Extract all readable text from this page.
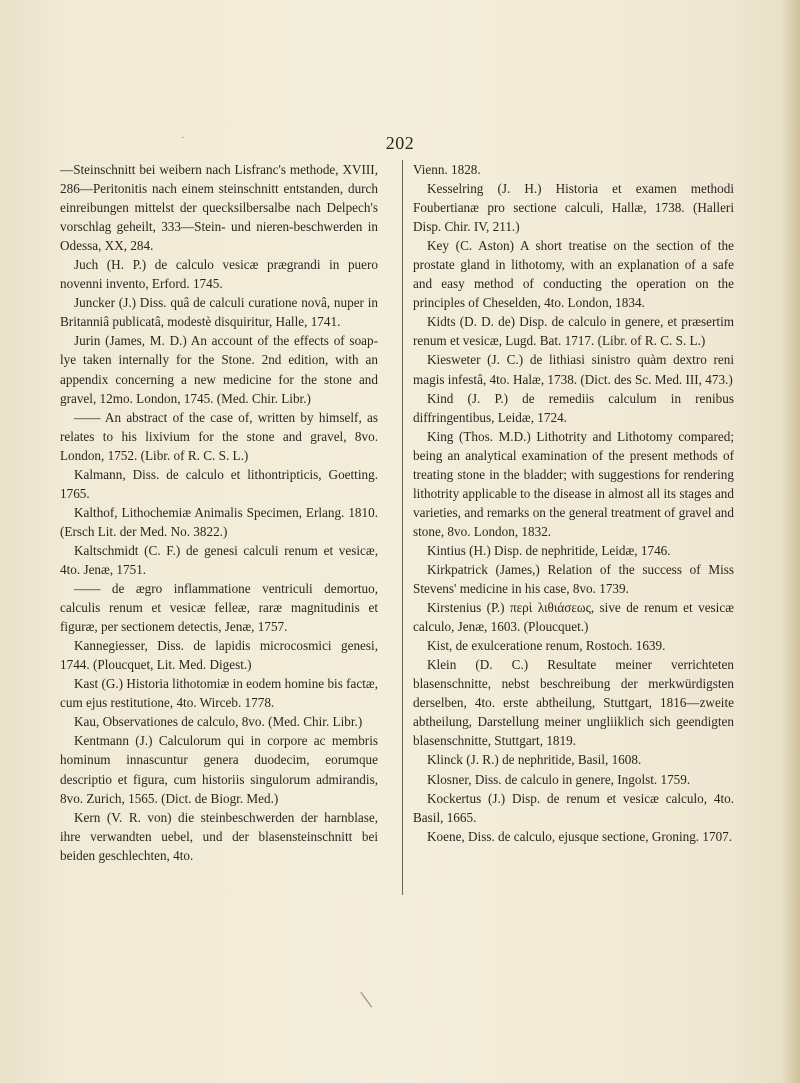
202

—Steinschnitt bei weibern nach Lisfranc's methode, XVIII, 286—Peritonitis nach einem steinschnitt entstanden, durch einreibungen mittelst der quecksilbersalbe nach Delpech's vorschlag geheilt, 333—Stein- und nieren-beschwerden in Odessa, XX, 284.

Juch (H. P.) de calculo vesicæ prægrandi in puero novenni invento, Erford. 1745.

Juncker (J.) Diss. quâ de calculi curatione novâ, nuper in Britanniâ publicatâ, modestè disquiritur, Halle, 1741.

Jurin (James, M. D.) An account of the effects of soap-lye taken internally for the Stone. 2nd edition, with an appendix concerning a new medicine for the stone and gravel, 12mo. London, 1745. (Med. Chir. Libr.)

—— An abstract of the case of, written by himself, as relates to his lixivium for the stone and gravel, 8vo. London, 1752. (Libr. of R. C. S. L.)

Kalmann, Diss. de calculo et lithontripticis, Goetting. 1765.

Kalthof, Lithochemiæ Animalis Specimen, Erlang. 1810. (Ersch Lit. der Med. No. 3822.)

Kaltschmidt (C. F.) de genesi calculi renum et vesicæ, 4to. Jenæ, 1751.

—— de ægro inflammatione ventriculi demortuo, calculis renum et vesicæ felleæ, raræ magnitudinis et figuræ, per sectionem detectis, Jenæ, 1757.

Kannegiesser, Diss. de lapidis microcosmici genesi, 1744. (Ploucquet, Lit. Med. Digest.)

Kast (G.) Historia lithotomiæ in eodem homine bis factæ, cum ejus restitutione, 4to. Wirceb. 1778.

Kau, Observationes de calculo, 8vo. (Med. Chir. Libr.)

Kentmann (J.) Calculorum qui in corpore ac membris hominum innascuntur genera duodecim, eorumque descriptio et figura, cum historiis singulorum admirandis, 8vo. Zurich, 1565. (Dict. de Biogr. Med.)

Kern (V. R. von) die steinbeschwerden der harnblase, ihre verwandten uebel, und der blasensteinschnitt bei beiden geschlechten, 4to.

Vienn. 1828.

Kesselring (J. H.) Historia et examen methodi Foubertianæ pro sectione calculi, Hallæ, 1738. (Halleri Disp. Chir. IV, 211.)

Key (C. Aston) A short treatise on the section of the prostate gland in lithotomy, with an explanation of a safe and easy method of conducting the operation on the principles of Cheselden, 4to. London, 1834.

Kidts (D. D. de) Disp. de calculo in genere, et præsertim renum et vesicæ, Lugd. Bat. 1717. (Libr. of R. C. S. L.)

Kiesweter (J. C.) de lithiasi sinistro quàm dextro reni magis infestâ, 4to. Halæ, 1738. (Dict. des Sc. Med. III, 473.)

Kind (J. P.) de remediis calculum in renibus diffringentibus, Leidæ, 1724.

King (Thos. M.D.) Lithotrity and Lithotomy compared; being an analytical examination of the present methods of treating stone in the bladder; with suggestions for rendering lithotrity applicable to the disease in almost all its stages and varieties, and remarks on the general treatment of gravel and stone, 8vo. London, 1832.

Kintius (H.) Disp. de nephritide, Leidæ, 1746.

Kirkpatrick (James,) Relation of the success of Miss Stevens' medicine in his case, 8vo. 1739.

Kirstenius (P.) περὶ λιθιάσεως, sive de renum et vesicæ calculo, Jenæ, 1603. (Ploucquet.)

Kist, de exulceratione renum, Rostoch. 1639.

Klein (D. C.) Resultate meiner verrichteten blasenschnitte, nebst beschreibung der merkwürdigsten derselben, 4to. erste abtheilung, Stuttgart, 1816—zweite abtheilung, Darstellung meiner ungliiklich sich geendigten blasenschnitte, Stuttgart, 1819.

Klinck (J. R.) de nephritide, Basil, 1608.

Klosner, Diss. de calculo in genere, Ingolst. 1759.

Kockertus (J.) Disp. de renum et vesicæ calculo, 4to. Basil, 1665.

Koene, Diss. de calculo, ejusque sectione, Groning. 1707.

·
/
